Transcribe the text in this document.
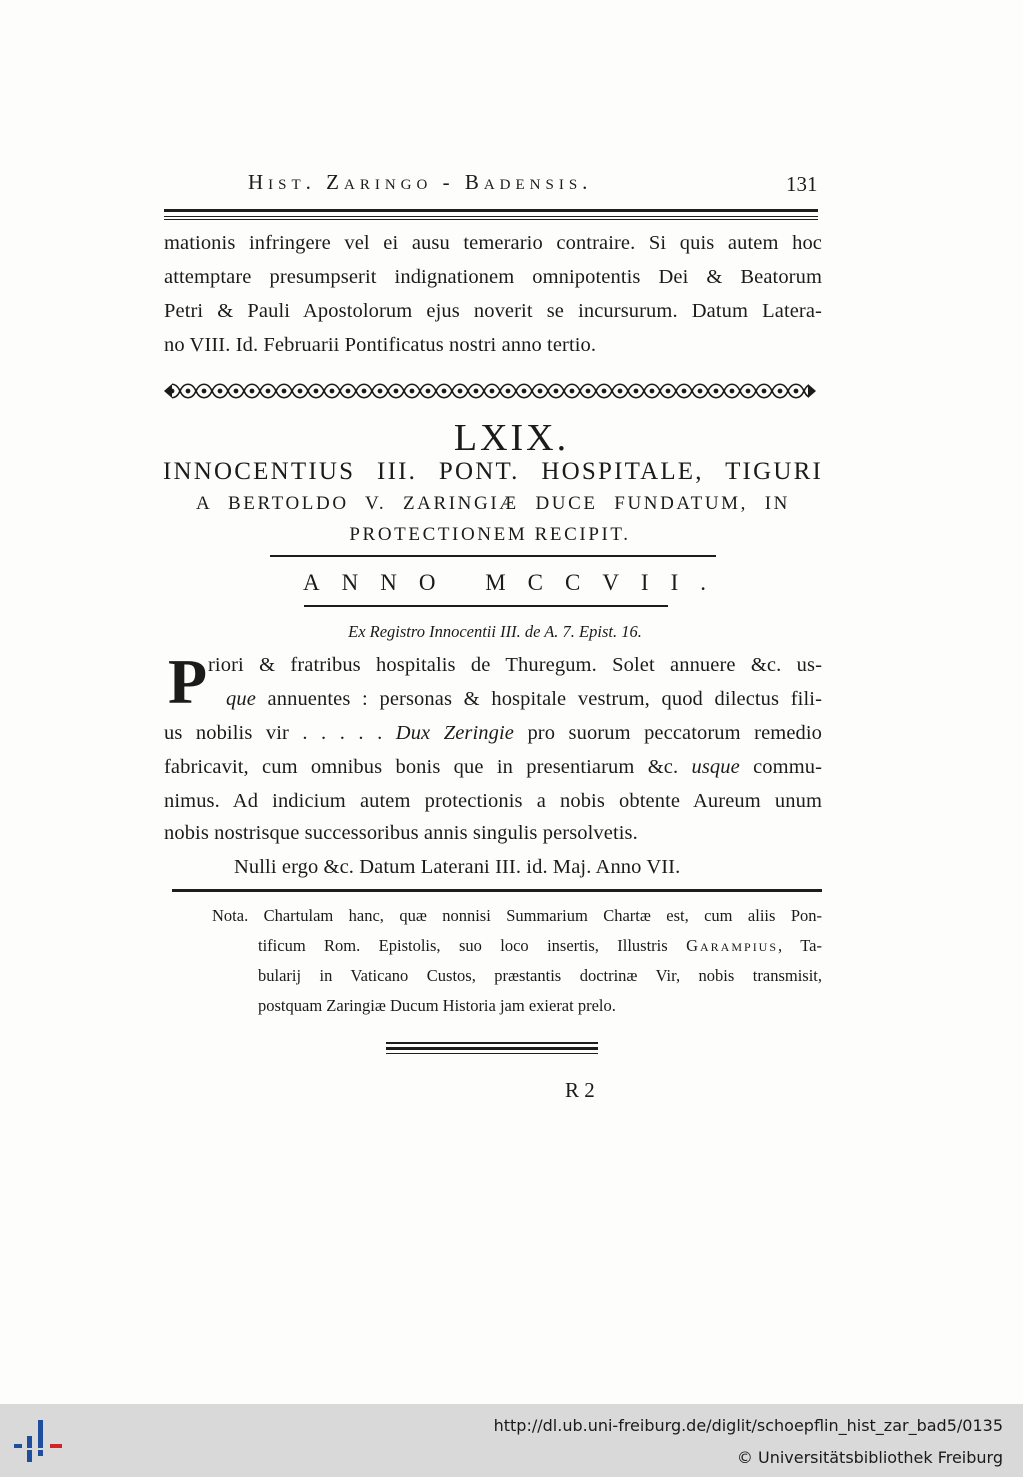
Hist. Zaringo - Badensis.	131
mationis infringere vel ei ausu temerario contraire. Si quis autem hoc
attemptare presumpserit indignationem omnipotentis Dei & Beatorum
Petri & Pauli Apostolorum ejus noverit se incursurum. Datum Latera-
no VIII. Id. Februarii Pontificatus nostri anno tertio.
LXIX.
INNOCENTIUS III. PONT. HOSPITALE, TIGURI
A BERTOLDO V. ZARINGIÆ DUCE FUNDATUM, IN
PROTECTIONEM RECIPIT.
ANNO MCCVII.
Ex Registro Innocentii III. de A. 7. Epist. 16.
P riori & fratribus hospitalis de Thuregum. Solet annuere &c. us-
que annuentes : personas & hospitale vestrum, quod dilectus fili-
us nobilis vir . . . . . Dux Zeringie pro suorum peccatorum remedio
fabricavit, cum omnibus bonis que in presentiarum &c. usque commu-
nimus. Ad indicium autem protectionis a nobis obtente Aureum unum
nobis nostrisque successoribus annis singulis persolvetis.
Nulli ergo &c. Datum Laterani III. id. Maj. Anno VII.
Nota. Chartulam hanc, quæ nonnisi Summarium Chartæ est, cum aliis Pon-
tificum Rom. Epistolis, suo loco insertis, Illustris Garampius, Ta-
bularij in Vaticano Custos, præstantis doctrinæ Vir, nobis transmisit,
postquam Zaringiæ Ducum Historia jam exierat prelo.
R 2
http://dl.ub.uni-freiburg.de/diglit/schoepflin_hist_zar_bad5/0135
© Universitätsbibliothek Freiburg
